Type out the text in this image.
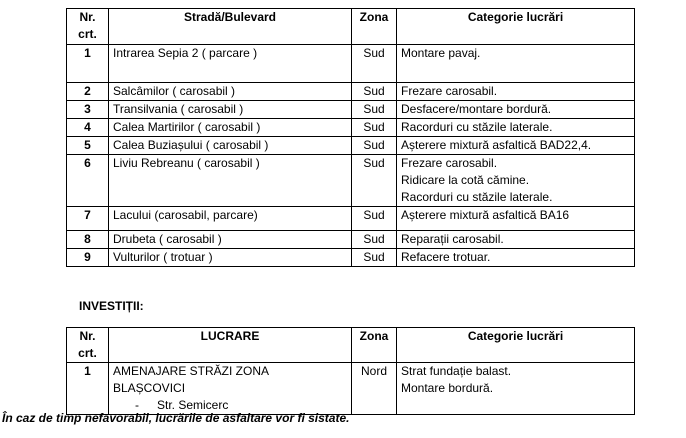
Nr.
crt.	Stradă/Bulevard	Zona	Categorie lucrări
1	Intrarea Sepia 2 ( parcare )	Sud	Montare pavaj.

2	Salcâmilor ( carosabil )	Sud	Frezare carosabil.

3	Transilvania ( carosabil )	Sud	Desfacere/montare bordură.

4	Calea Martirilor ( carosabil )	Sud	Racorduri cu stăzile laterale.

5	Calea Buziașului ( carosabil )	Sud	Așterere mixtură asfaltică BAD22,4.

6	Liviu Rebreanu ( carosabil )	Sud	Frezare carosabil.
Ridicare la cotă cămine.
Racorduri cu stăzile laterale.

7	Lacului (carosabil, parcare)	Sud	Așterere mixtură asfaltică BA16

8	Drubeta ( carosabil )	Sud	Reparații carosabil.

9	Vulturilor ( trotuar )	Sud	Refacere trotuar.
INVESTIȚII:
Nr.
crt.	LUCRARE	Zona	Categorie lucrări
1	AMENAJARE STRĂZI ZONA
BLAȘCOVICI
- Str. Semicerc	Nord	Strat fundație balast.
Montare bordură.
În caz de timp nefavorabil, lucrările de asfaltare vor fi sistate.
